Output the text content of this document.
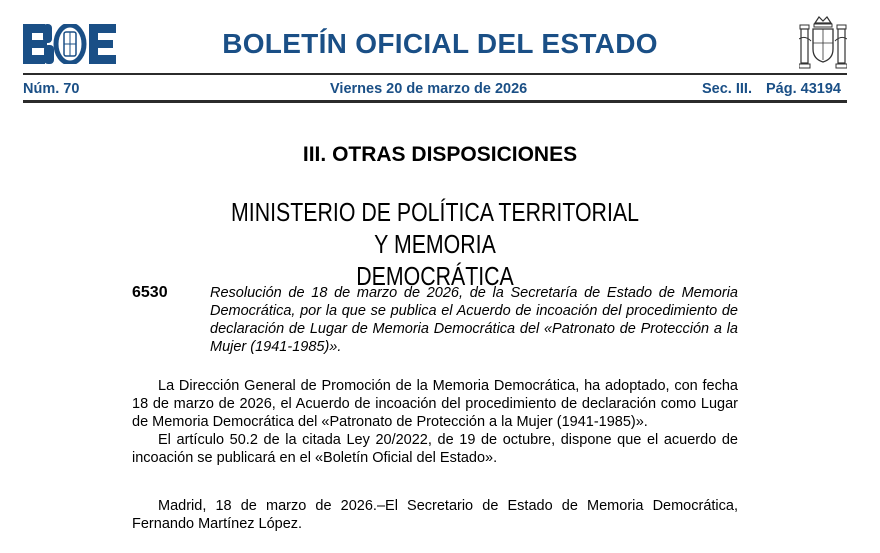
BOLETÍN OFICIAL DEL ESTADO
Núm. 70	Viernes 20 de marzo de 2026	Sec. III. Pág. 43194
III. OTRAS DISPOSICIONES
MINISTERIO DE POLÍTICA TERRITORIAL Y MEMORIA
DEMOCRÁTICA
6530	Resolución de 18 de marzo de 2026, de la Secretaría de Estado de Memoria Democrática, por la que se publica el Acuerdo de incoación del procedimiento de declaración de Lugar de Memoria Democrática del «Patronato de Protección a la Mujer (1941-1985)».

La Dirección General de Promoción de la Memoria Democrática, ha adoptado, con fecha 18 de marzo de 2026, el Acuerdo de incoación del procedimiento de declaración como Lugar de Memoria Democrática del «Patronato de Protección a la Mujer (1941-1985)».

El artículo 50.2 de la citada Ley 20/2022, de 19 de octubre, dispone que el acuerdo de incoación se publicará en el «Boletín Oficial del Estado».

Madrid, 18 de marzo de 2026.–El Secretario de Estado de Memoria Democrática, Fernando Martínez López.
